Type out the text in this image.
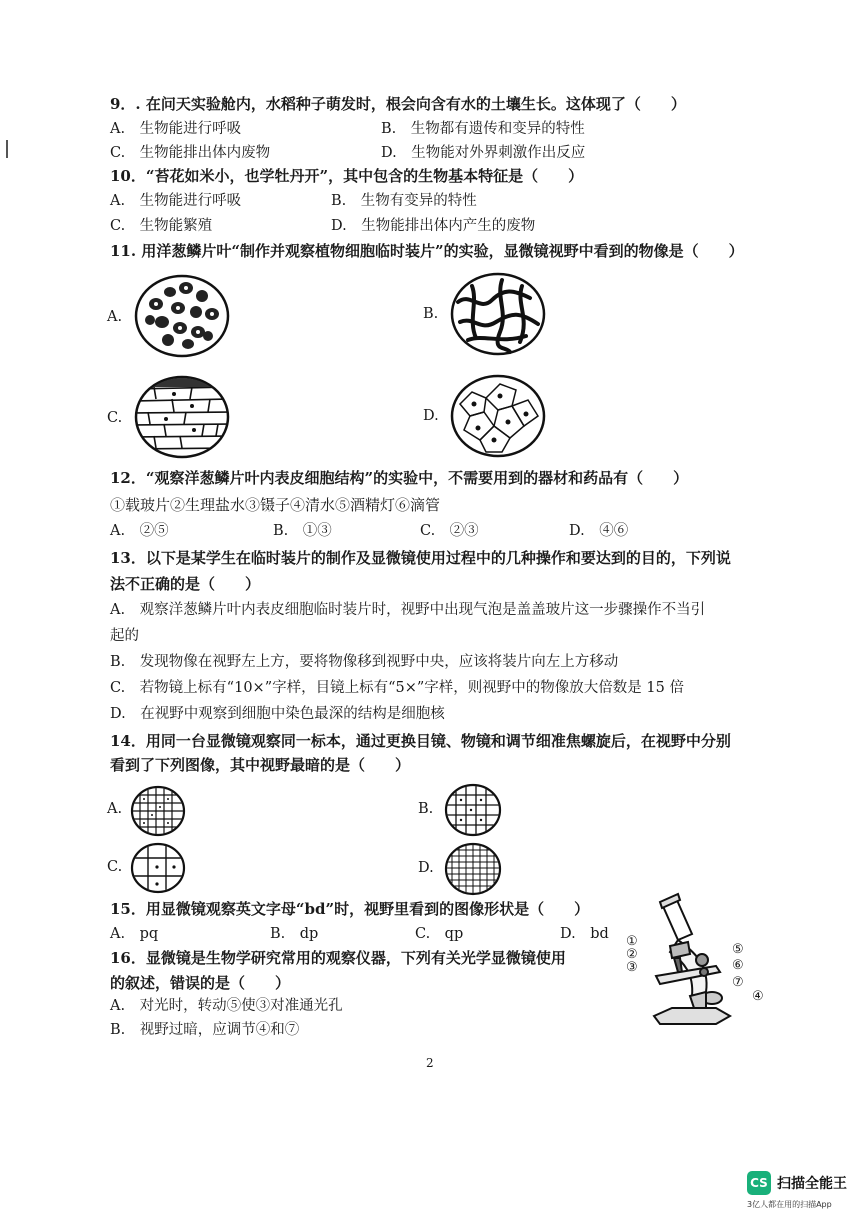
9．. 在问天实验舱内，水稻种子萌发时，根会向含有水的土壤生长。这体现了（　　）
A.　生物能进行呼吸	B.　生物都有遗传和变异的特性
C.　生物能排出体内废物	D.　生物能对外界刺激作出反应
10．“苔花如米小，也学牡丹开”，其中包含的生物基本特征是（　　）
A.　生物能进行呼吸	B.　生物有变异的特性
C.　生物能繁殖	D.　生物能排出体内产生的废物
11. 用洋葱鳞片叶“制作并观察植物细胞临时装片”的实验，显微镜视野中看到的物像是（　　）
A.	B.
C.	D.
12．“观察洋葱鳞片叶内表皮细胞结构”的实验中，不需要用到的器材和药品有（　　）
①载玻片②生理盐水③镊子④清水⑤酒精灯⑥滴管
A.　②⑤	B.　①③	C.　②③	D.　④⑥
13．以下是某学生在临时装片的制作及显微镜使用过程中的几种操作和要达到的目的，下列说
法不正确的是（　　）
A.　观察洋葱鳞片叶内表皮细胞临时装片时，视野中出现气泡是盖盖玻片这一步骤操作不当引
起的
B.　发现物像在视野左上方，要将物像移到视野中央，应该将装片向左上方移动
C.　若物镜上标有“10×”字样，目镜上标有“5×”字样，则视野中的物像放大倍数是 15 倍
D.　在视野中观察到细胞中染色最深的结构是细胞核
14．用同一台显微镜观察同一标本，通过更换目镜、物镜和调节细准焦螺旋后，在视野中分别
看到了下列图像，其中视野最暗的是（　　）
A.	B.
C.	D.
15．用显微镜观察英文字母“bd”时，视野里看到的图像形状是（　　）
A.　pq	B.　dp	C.　qp	D.　bd
16．显微镜是生物学研究常用的观察仪器，下列有关光学显微镜使用
的叙述，错误的是（　　）
A.　对光时，转动⑤使③对准通光孔
B.　视野过暗，应调节④和⑦
①
②
③
④
⑤
⑥
⑦
2
CS 扫描全能王
3亿人都在用的扫描App
